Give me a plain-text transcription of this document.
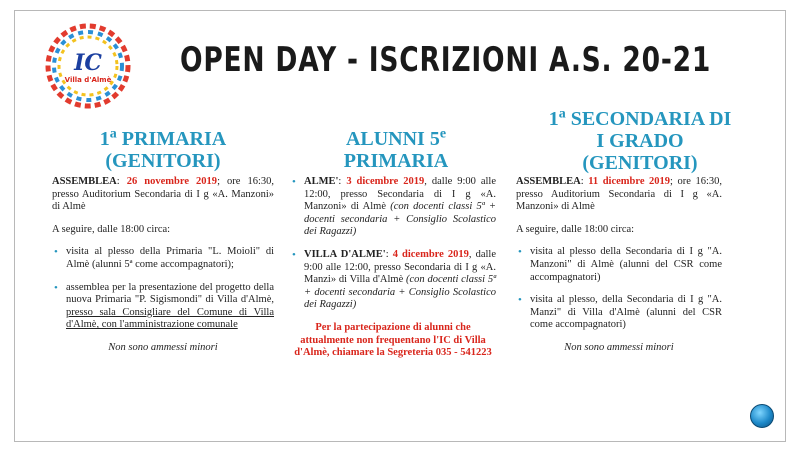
IC
Villa d'Almè OPEN DAY - ISCRIZIONI A.S. 20-21
1$^a$ PRIMARIA
(GENITORI)

ASSEMBLEA: 26 novembre 2019; ore 16:30, presso Auditorium Secondaria di I g «A. Manzoni» di Almè

A seguire, dalle 18:00 circa:

• visita al plesso della Primaria "L. Moioli" di Almè (alunni 5ª come accompagnatori);
• assemblea per la presentazione del progetto della nuova Primaria "P. Sigismondi" di Villa d'Almè, presso sala Consigliare del Comune di Villa d'Almè, con l'amministrazione comunale

Non sono ammessi minori

ALUNNI 5e
PRIMARIA
• ALME': 3 dicembre 2019, dalle 9:00 alle 12:00, presso Secondaria di I g «A. Manzoni» di Almè (con docenti classi 5ª + docenti secondaria + Consiglio Scolastico dei Ragazzi)
• VILLA D'ALME': 4 dicembre 2019, dalle 9:00 alle 12:00, presso Secondaria di I g «A. Manzi» di Villa d'Almè (con docenti classi 5ª + docenti secondaria + Consiglio Scolastico dei Ragazzi)
Per la partecipazione di alunni che attualmente non frequentano l'IC di Villa d'Almè, chiamare la Segreteria 035 - 541223
1$^a$ SECONDARIA DI
I GRADO
(GENITORI)

ASSEMBLEA: 11 dicembre 2019; ore 16:30, presso Auditorium Secondaria di I g «A. Manzoni» di Almè

A seguire, dalle 18:00 circa:

• visita al plesso della Secondaria di I g "A. Manzoni" di Almè (alunni del CSR come accompagnatori)
• visita al plesso, della Secondaria di I g "A. Manzi" di Villa d'Almè (alunni del CSR come accompagnatori)

Non sono ammessi minori
